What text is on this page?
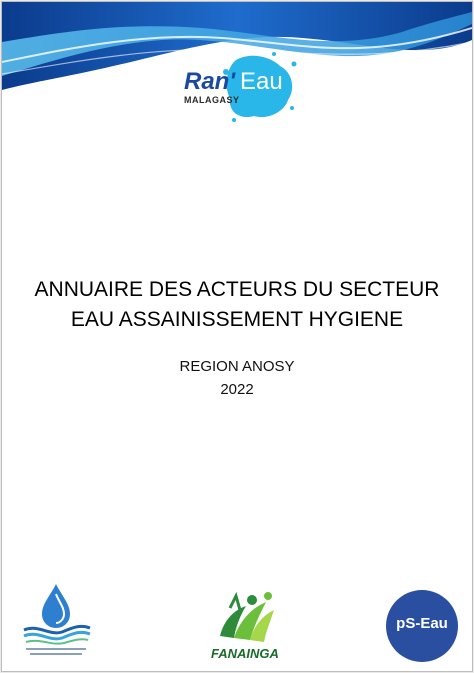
Ran' Eau
MALAGASY
ANNUAIRE DES ACTEURS DU SECTEUR
EAU ASSAINISSEMENT HYGIENE
REGION ANOSY
2022
FANAINGA
pS-Eau
